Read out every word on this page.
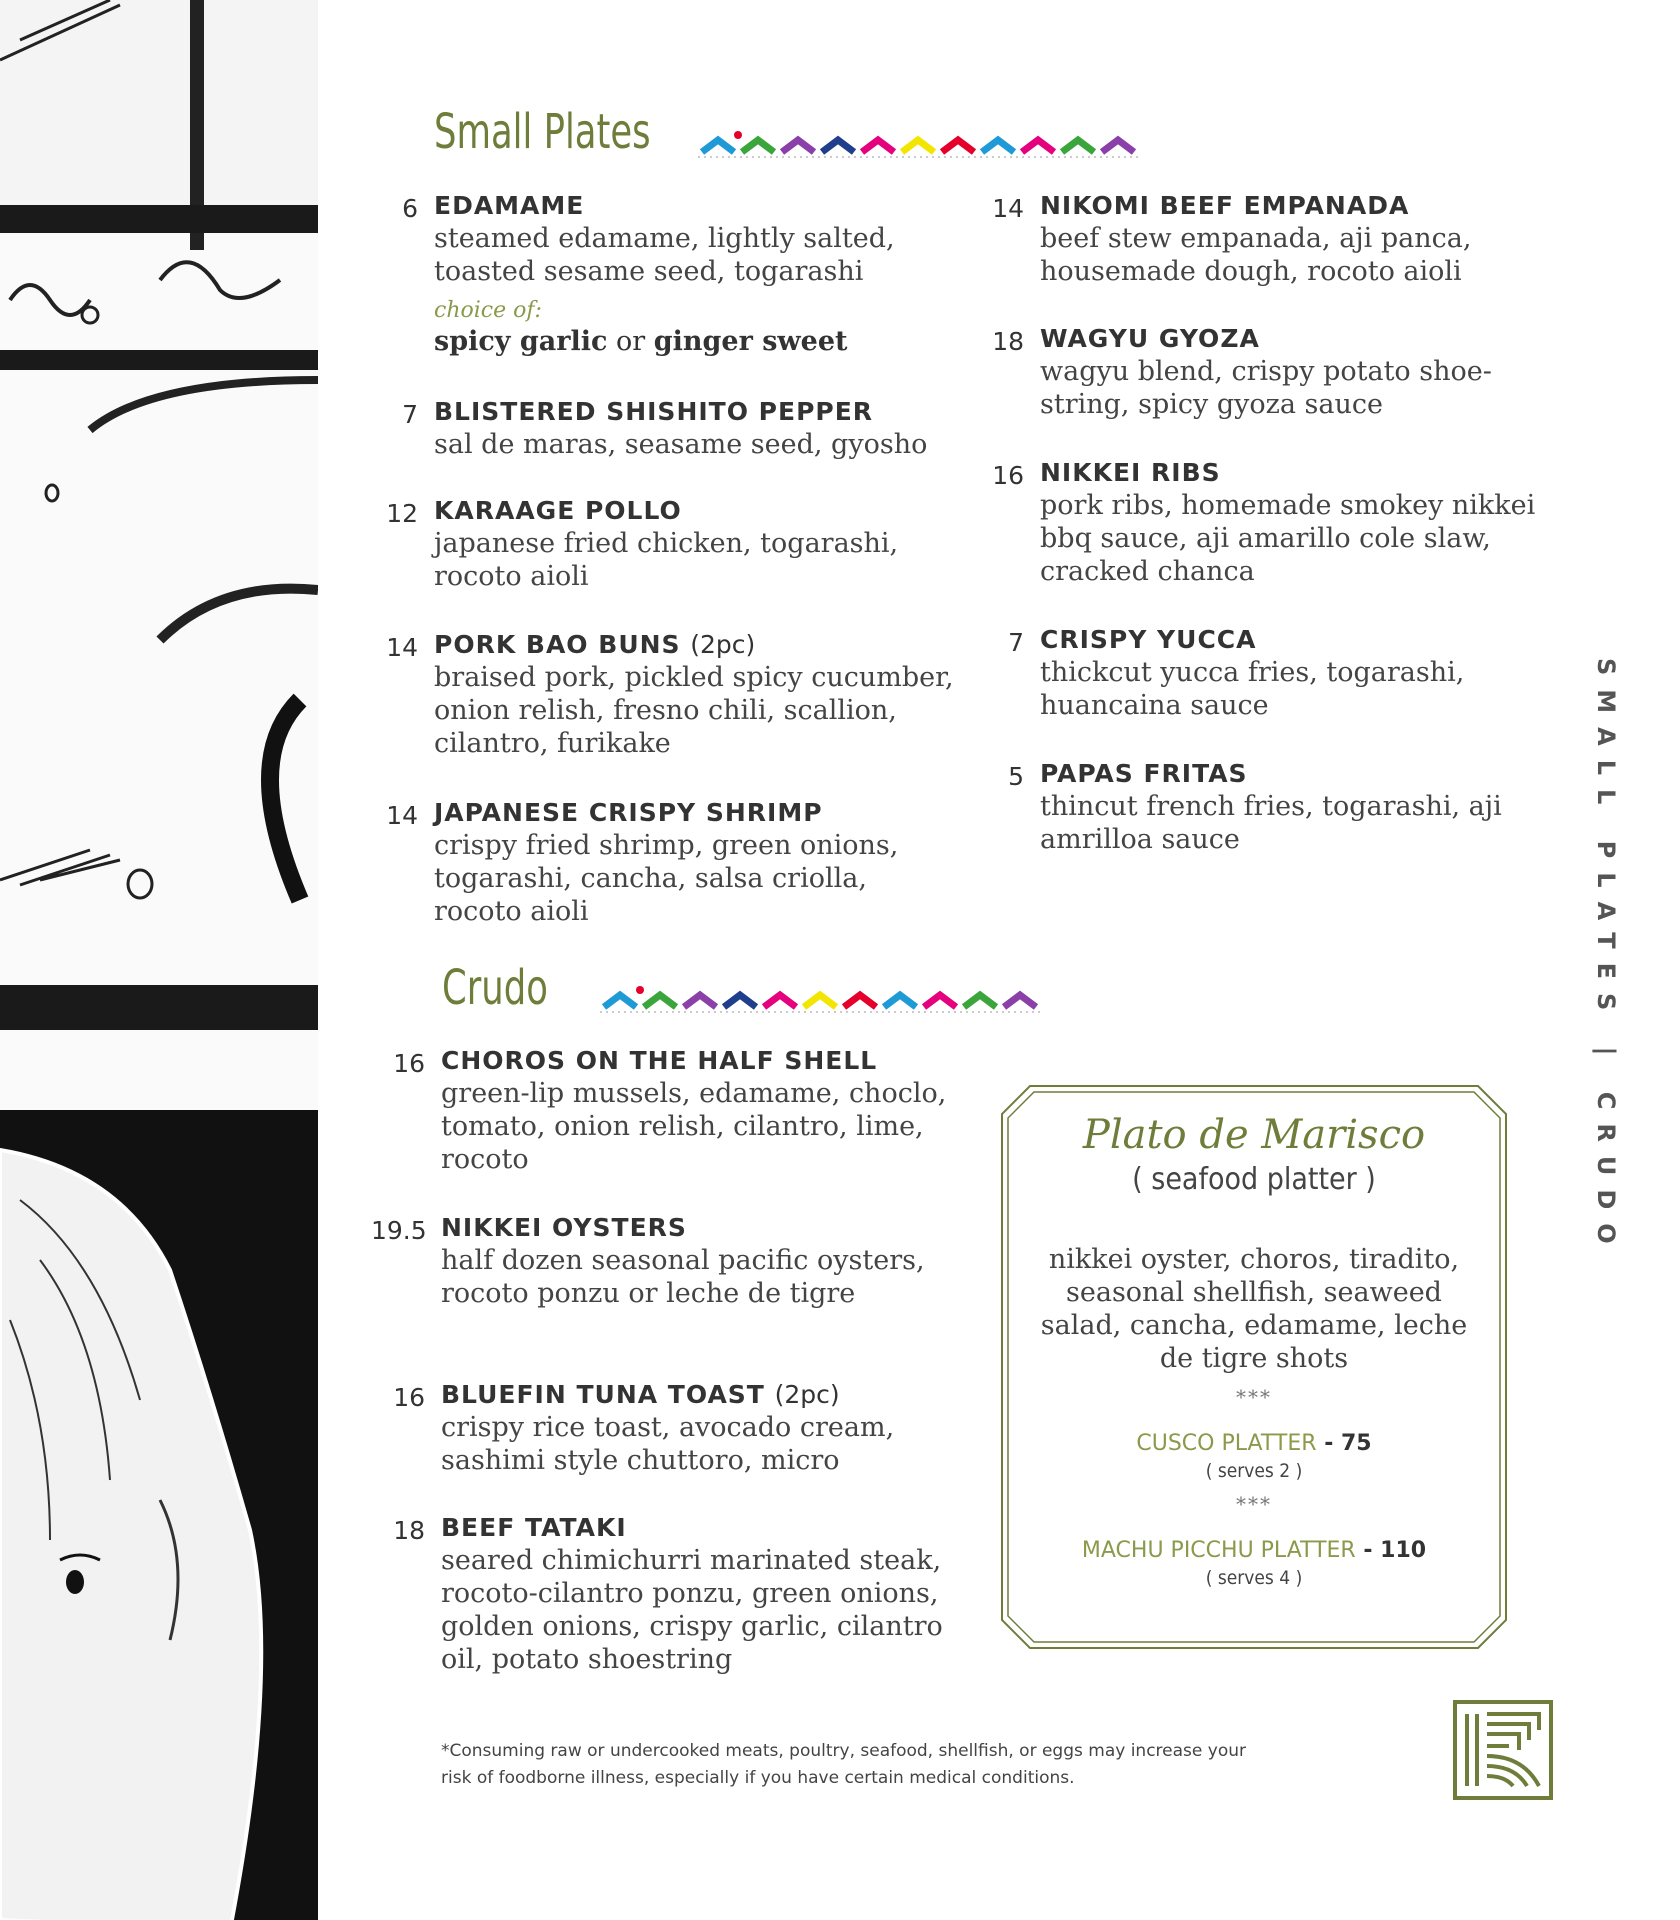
SMALL PLATES | CRUDO
Small Plates
6 EDAMAME
steamed edamame, lightly salted, toasted sesame seed, togarashi
choice of:
spicy garlic or ginger sweet
7 BLISTERED SHISHITO PEPPER
sal de maras, seasame seed, gyosho
12 KARAAGE POLLO
japanese fried chicken, togarashi, rocoto aioli
14 PORK BAO BUNS (2pc)
braised pork, pickled spicy cucumber, onion relish, fresno chili, scallion, cilantro, furikake
14 JAPANESE CRISPY SHRIMP
crispy fried shrimp, green onions, togarashi, cancha, salsa criolla, rocoto aioli
14 NIKOMI BEEF EMPANADA
beef stew empanada, aji panca, housemade dough, rocoto aioli
18 WAGYU GYOZA
wagyu blend, crispy potato shoe-string, spicy gyoza sauce
16 NIKKEI RIBS
pork ribs, homemade smokey nikkei bbq sauce, aji amarillo cole slaw, cracked chanca
7 CRISPY YUCCA
thickcut yucca fries, togarashi, huancaina sauce
5 PAPAS FRITAS
thincut french fries, togarashi, aji amrilloa sauce
Crudo
16 CHOROS ON THE HALF SHELL
green-lip mussels, edamame, choclo, tomato, onion relish, cilantro, lime, rocoto
19.5 NIKKEI OYSTERS
half dozen seasonal pacific oysters, rocoto ponzu or leche de tigre
16 BLUEFIN TUNA TOAST (2pc)
crispy rice toast, avocado cream, sashimi style chuttoro, micro
18 BEEF TATAKI
seared chimichurri marinated steak, rocoto-cilantro ponzu, green onions, golden onions, crispy garlic, cilantro oil, potato shoestring
Plato de Marisco
( seafood platter )
nikkei oyster, choros, tiradito, seasonal shellfish, seaweed salad, cancha, edamame, leche de tigre shots
***
CUSCO PLATTER - 75
( serves 2 )
***
MACHU PICCHU PLATTER - 110
( serves 4 )
*Consuming raw or undercooked meats, poultry, seafood, shellfish, or eggs may increase your risk of foodborne illness, especially if you have certain medical conditions.
